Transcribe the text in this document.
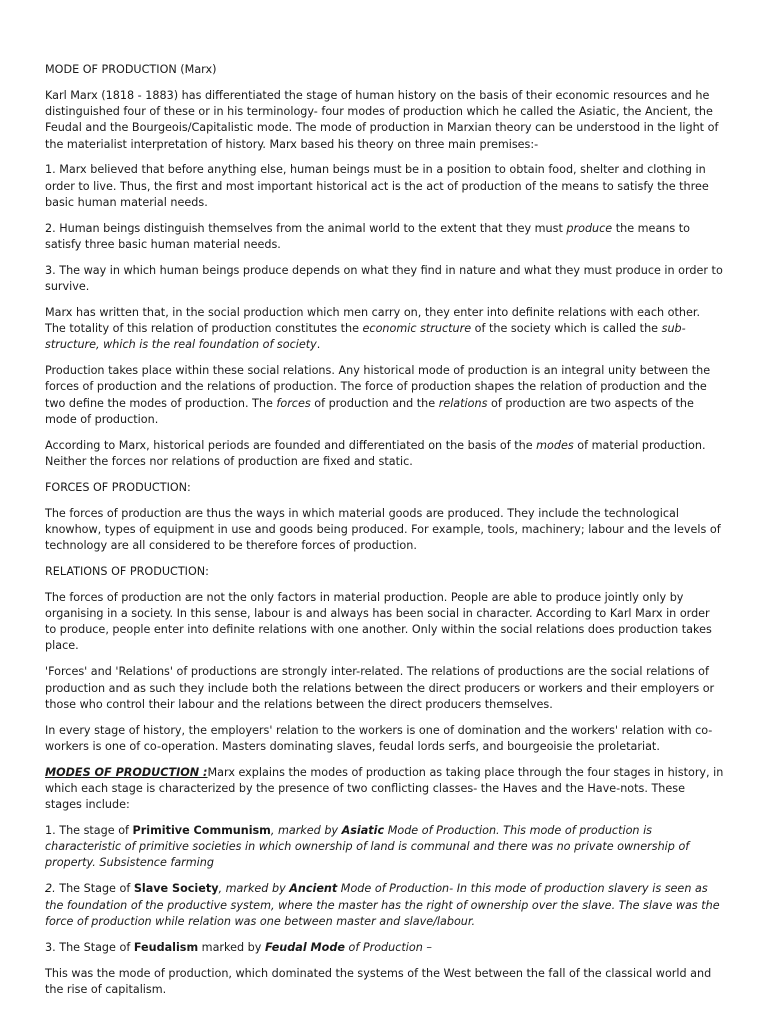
MODE OF PRODUCTION (Marx)

Karl Marx (1818 - 1883) has differentiated the stage of human history on the basis of their economic resources and he distinguished four of these or in his terminology- four modes of production which he called the Asiatic, the Ancient, the Feudal and the Bourgeois/Capitalistic mode. The mode of production in Marxian theory can be understood in the light of the materialist interpretation of history. Marx based his theory on three main premises:-

1. Marx believed that before anything else, human beings must be in a position to obtain food, shelter and clothing in order to live. Thus, the first and most important historical act is the act of production of the means to satisfy the three basic human material needs.

2. Human beings distinguish themselves from the animal world to the extent that they must produce the means to satisfy three basic human material needs.

3. The way in which human beings produce depends on what they find in nature and what they must produce in order to survive.

Marx has written that, in the social production which men carry on, they enter into definite relations with each other. The totality of this relation of production constitutes the economic structure of the society which is called the sub-structure, which is the real foundation of society.

Production takes place within these social relations. Any historical mode of production is an integral unity between the forces of production and the relations of production. The force of production shapes the relation of production and the two define the modes of production. The forces of production and the relations of production are two aspects of the mode of production.

According to Marx, historical periods are founded and differentiated on the basis of the modes of material production. Neither the forces nor relations of production are fixed and static.

FORCES OF PRODUCTION:

The forces of production are thus the ways in which material goods are produced. They include the technological knowhow, types of equipment in use and goods being produced. For example, tools, machinery; labour and the levels of technology are all considered to be therefore forces of production.

RELATIONS OF PRODUCTION:

The forces of production are not the only factors in material production. People are able to produce jointly only by organising in a society. In this sense, labour is and always has been social in character. According to Karl Marx in order to produce, people enter into definite relations with one another. Only within the social relations does production takes place.

'Forces' and 'Relations' of productions are strongly inter-related. The relations of productions are the social relations of production and as such they include both the relations between the direct producers or workers and their employers or those who control their labour and the relations between the direct producers themselves.

In every stage of history, the employers' relation to the workers is one of domination and the workers' relation with co-workers is one of co-operation. Masters dominating slaves, feudal lords serfs, and bourgeoisie the proletariat.

MODES OF PRODUCTION :Marx explains the modes of production as taking place through the four stages in history, in which each stage is characterized by the presence of two conflicting classes- the Haves and the Have-nots. These stages include:

1. The stage of Primitive Communism, marked by Asiatic Mode of Production. This mode of production is characteristic of primitive societies in which ownership of land is communal and there was no private ownership of property. Subsistence farming

2. The Stage of Slave Society, marked by Ancient Mode of Production- In this mode of production slavery is seen as the foundation of the productive system, where the master has the right of ownership over the slave. The slave was the force of production while relation was one between master and slave/labour.

3. The Stage of Feudalism marked by Feudal Mode of Production –

This was the mode of production, which dominated the systems of the West between the fall of the classical world and the rise of capitalism.
